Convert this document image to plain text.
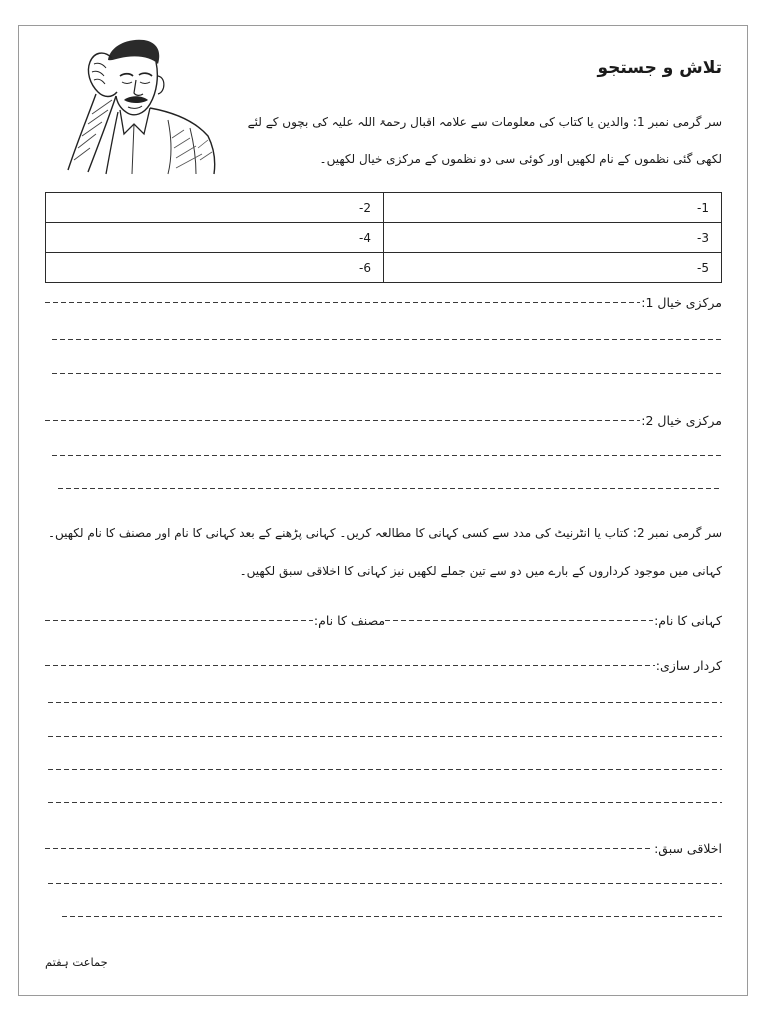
تلاش و جستجو
سر گرمی نمبر 1: والدین یا کتاب کی معلومات سے علامہ اقبال رحمۃ اللہ علیہ کی بچوں کے لئے لکھی گئی نظموں کے نام لکھیں اور کوئی سی دو نظموں کے مرکزی خیال لکھیں۔
1-	2-
3-	4-
5-	6-
مرکزی خیال 1:
مرکزی خیال 2:
سر گرمی نمبر 2: کتاب یا انٹرنیٹ کی مدد سے کسی کہانی کا مطالعہ کریں۔ کہانی پڑھنے کے بعد کہانی کا نام اور مصنف کا نام لکھیں۔ کہانی میں موجود کرداروں کے بارے میں دو سے تین جملے لکھیں نیز کہانی کا اخلاقی سبق لکھیں۔
کہانی کا نام:
مصنف کا نام:
کردار سازی:
اخلاقی سبق:
جماعت ہفتم
